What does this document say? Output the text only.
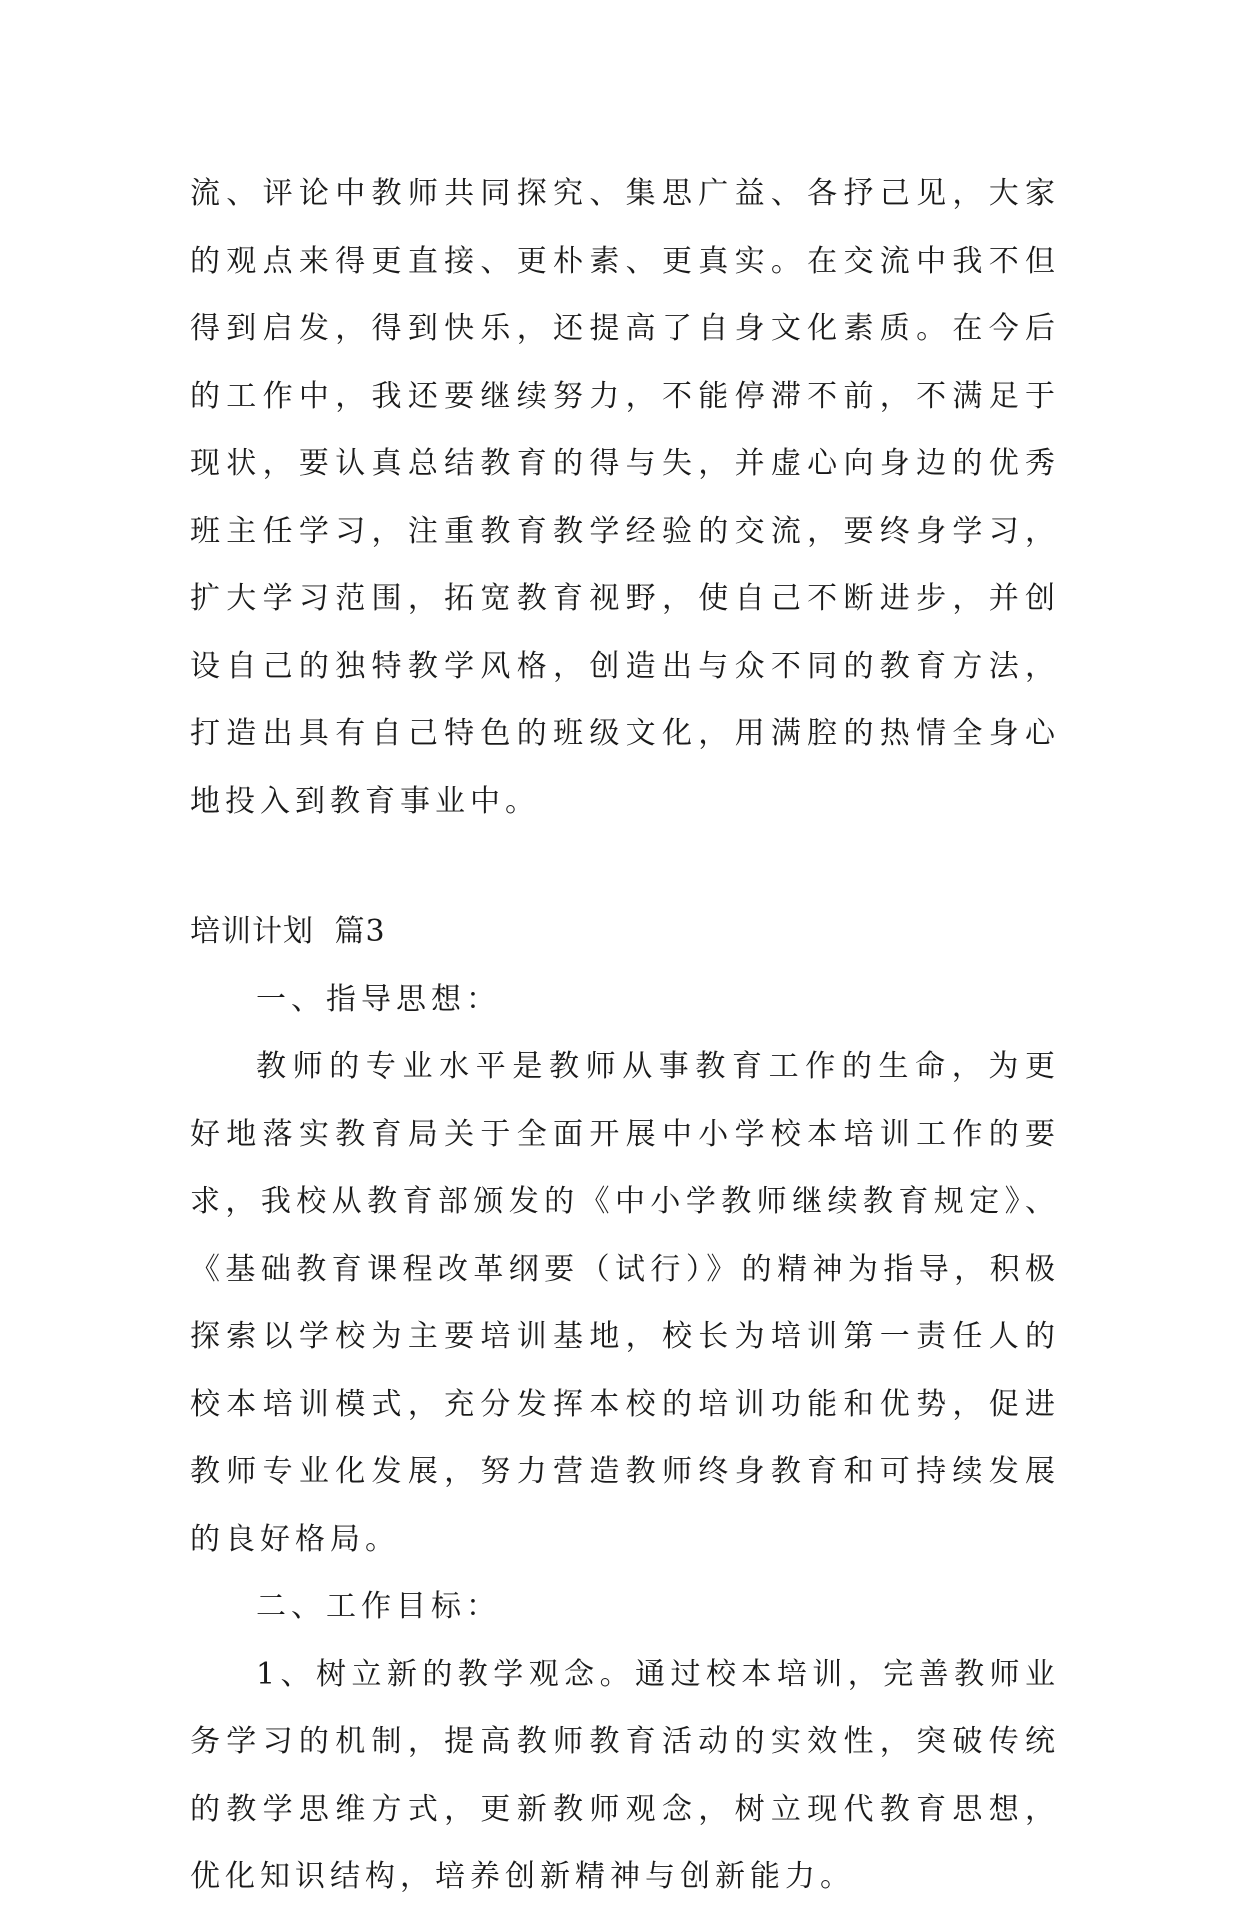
流、评论中教师共同探究、集思广益、各抒己见，大家的观点来得更直接、更朴素、更真实。在交流中我不但得到启发，得到快乐，还提高了自身文化素质。在今后的工作中，我还要继续努力，不能停滞不前，不满足于现状，要认真总结教育的得与失，并虚心向身边的优秀班主任学习，注重教育教学经验的交流，要终身学习，扩大学习范围，拓宽教育视野，使自己不断进步，并创设自己的独特教学风格，创造出与众不同的教育方法，打造出具有自己特色的班级文化，用满腔的热情全身心地投入到教育事业中。

培训计划 篇3

一、指导思想：

教师的专业水平是教师从事教育工作的生命，为更好地落实教育局关于全面开展中小学校本培训工作的要求，我校从教育部颁发的《中小学教师继续教育规定》、《基础教育课程改革纲要（试行）》的精神为指导，积极探索以学校为主要培训基地，校长为培训第一责任人的校本培训模式，充分发挥本校的培训功能和优势，促进教师专业化发展，努力营造教师终身教育和可持续发展的良好格局。

二、工作目标：

1、树立新的教学观念。通过校本培训，完善教师业务学习的机制，提高教师教育活动的实效性，突破传统的教学思维方式，更新教师观念，树立现代教育思想，优化知识结构，培养创新精神与创新能力。
